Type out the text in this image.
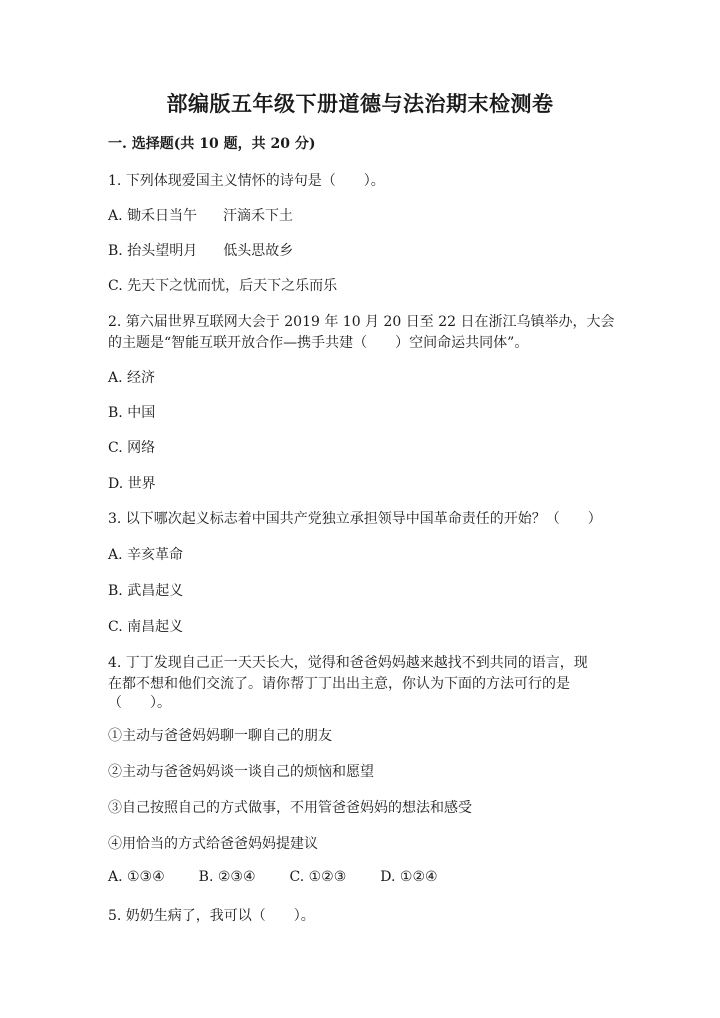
部编版五年级下册道德与法治期末检测卷
一. 选择题(共 10 题，共 20 分)
1. 下列体现爱国主义情怀的诗句是（　　）。
A. 锄禾日当午 汗滴禾下土
B. 抬头望明月 低头思故乡
C. 先天下之忧而忧，后天下之乐而乐
2. 第六届世界互联网大会于 2019 年 10 月 20 日至 22 日在浙江乌镇举办，大会
的主题是“智能互联开放合作—携手共建（　　）空间命运共同体”。
A. 经济
B. 中国
C. 网络
D. 世界
3. 以下哪次起义标志着中国共产党独立承担领导中国革命责任的开始？（　　）
A. 辛亥革命
B. 武昌起义
C. 南昌起义
4. 丁丁发现自己正一天天长大，觉得和爸爸妈妈越来越找不到共同的语言，现
在都不想和他们交流了。请你帮丁丁出出主意，你认为下面的方法可行的是
（　　）。
①主动与爸爸妈妈聊一聊自己的朋友
②主动与爸爸妈妈谈一谈自己的烦恼和愿望
③自己按照自己的方式做事，不用管爸爸妈妈的想法和感受
④用恰当的方式给爸爸妈妈提建议
A. ①③④ B. ②③④ C. ①②③ D. ①②④
5. 奶奶生病了，我可以（　　）。
